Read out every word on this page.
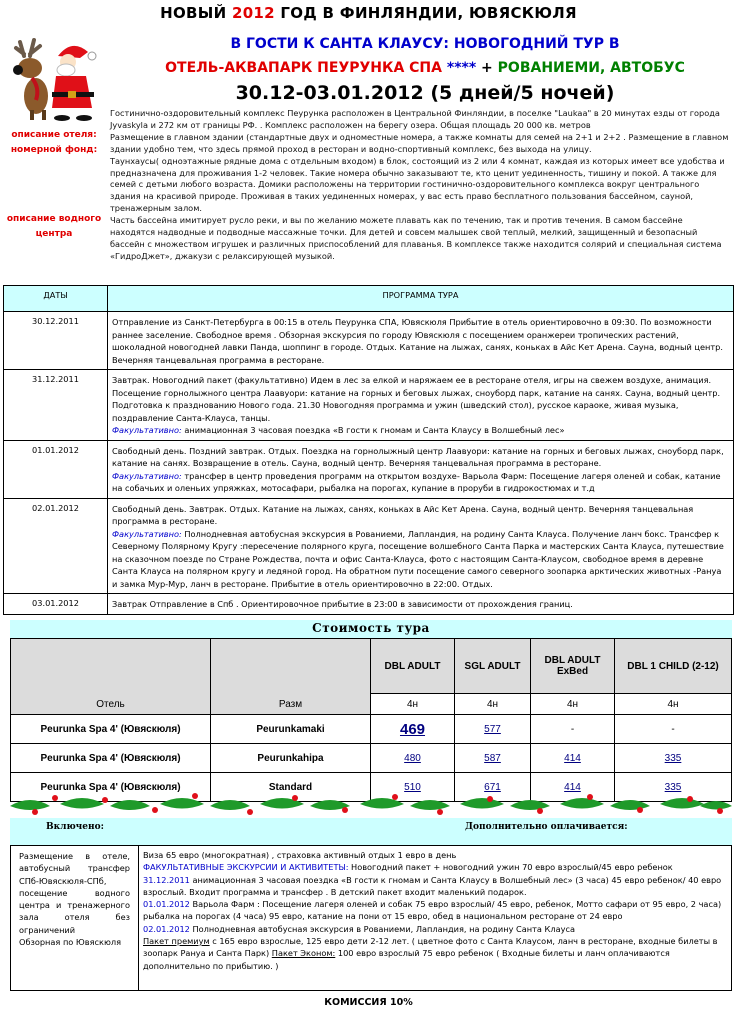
НОВЫЙ 2012 ГОД В ФИНЛЯНДИИ, ЮВЯСКЮЛЯ
В ГОСТИ К САНТА КЛАУСУ: НОВОГОДНИЙ ТУР В
ОТЕЛЬ-АКВАПАРК ПЕУРУНКА СПА **** + РОВАНИЕМИ, АВТОБУС
30.12-03.01.2012 (5 дней/5 ночей)
описание отеля:
номерной фонд:
описание водного центра
Гостинично-оздоровительный комплекс Пеурунка расположен в Центральной Финляндии, в поселке "Laukaa" в 20 минутах езды от города Jyvaskyla и 272 км от границы РФ. . Комплекс расположен на берегу озера. Общая площадь 20 000 кв. метров
Размещение в главном здании (стандартные двух и одноместные номера, а также комнаты для семей на 2+1 и 2+2 . Размещение в главном здании удобно тем, что здесь прямой проход в ресторан и водно-спортивный комплекс, без выхода на улицу.
Таунхаусы( одноэтажные рядные дома с отдельным входом) в блок, состоящий из 2 или 4 комнат, каждая из которых имеет все удобства и предназначена для проживания 1-2 человек. Такие номера обычно заказывают те, кто ценит уединенность, тишину и покой. А также для семей с детьми любого возраста. Домики расположены на территории гостинично-оздоровительного комплекса вокруг центрального здания на красивой природе. Проживая в таких уединенных номерах, у вас есть право бесплатного пользования бассейном, сауной, тренажерным залом.
Часть бассейна имитирует русло реки, и вы по желанию можете плавать как по течению, так и против течения. В самом бассейне находятся надводные и подводные массажные точки. Для детей и совсем малышек свой теплый, мелкий, защищенный и безопасный бассейн с множеством игрушек и различных приспособлений для плаванья. В комплексе также находится солярий и специальная система «ГидроДжет», джакузи с релаксирующей музыкой.
ДАТЫ	ПРОГРАММА ТУРА
30.12.2011	Отправление из Санкт-Петербурга в 00:15 в отель Пеурунка СПА, Ювяскюля Прибытие в отель ориентировочно в 09:30. По возможности раннее заселение. Свободное время . Обзорная экскурсия по городу Ювяскюля с посещением оранжереи тропических растений, шоколадной новогодней лавки Панда, шоппинг в городе. Отдых. Катание на лыжах, санях, коньках в Айс Кет Арена. Сауна, водный центр. Вечерняя танцевальная программа в ресторане.
31.12.2011	Завтрак. Новогодний пакет (факультативно) Идем в лес за елкой и наряжаем ее в ресторане отеля, игры на свежем воздухе, анимация. Посещение горнолыжного центра Лаавуори: катание на горных и беговых лыжах, сноуборд парк, катание на санях. Сауна, водный центр. Подготовка к празднованию Нового года. 21.30 Новогодняя программа и ужин (шведский стол), русское караоке, живая музыка, поздравление Санта-Клауса, танцы.
Факультативно: анимационная 3 часовая поездка «В гости к гномам и Санта Клаусу в Волшебный лес»
01.01.2012	Свободный день. Поздний завтрак. Отдых. Поездка на горнолыжный центр Лаавуори: катание на горных и беговых лыжах, сноуборд парк, катание на санях. Возвращение в отель. Сауна, водный центр. Вечерняя танцевальная программа в ресторане.
Факультативно: трансфер в центр проведения программ на открытом воздухе- Варьола Фарм: Посещение лагеря оленей и собак, катание на собачьих и оленьих упряжках, мотосафари, рыбалка на порогах, купание в проруби в гидрокостюмах и т.д
02.01.2012	Свободный день. Завтрак. Отдых. Катание на лыжах, санях, коньках в Айс Кет Арена. Сауна, водный центр. Вечерняя танцевальная программа в ресторане.
Факультативно: Полнодневная автобусная экскурсия в Рованиеми, Лапландия, на родину Санта Клауса. Получение ланч бокс. Трансфер к Северному Полярному Кругу :пересечение полярного круга, посещение волшебного Санта Парка и мастерских Санта Клауса, путешествие на сказочном поезде по Стране Рождества, почта и офис Санта-Клауса, фото с настоящим Санта-Клаусом, свободное время в деревне Санта Клауса на полярном кругу и ледяной город. На обратном пути посещение самого северного зоопарка арктических животных -Рануа и замка Мур-Мур, ланч в ресторане. Прибытие в отель ориентировочно в 22:00. Отдых.
03.01.2012	Завтрак Отправление в Спб . Ориентировочное прибытие в 23:00 в зависимости от прохождения границ.
Стоимость тура
Отель	Разм	DBL ADULT	SGL ADULT	DBL ADULT ExBed	DBL 1 CHILD (2-12)
		4н	4н	4н	4н
Peurunka Spa 4' (Ювяскюля)	Peurunkamaki	469	577	-	-
Peurunka Spa 4' (Ювяскюля)	Peurunkahipa	480	587	414	335
Peurunka Spa 4' (Ювяскюля)	Standard	510	671	414	335
Включено:	Дополнительно оплачивается:
Размещение в отеле, автобусный трансфер СПб-Ювяскюля-СПб, посещение водного центра и тренажерного зала отеля без ограничений
Обзорная по Ювяскюля

Виза 65 евро (многократная) , страховка активный отдых 1 евро в день
ФАКУЛЬТАТИВНЫЕ ЭКСКУРСИИ И АКТИВИТЕТЫ: Новогодний пакет + новогодний ужин 70 евро взрослый/45 евро ребенок
31.12.2011 анимационная 3 часовая поездка «В гости к гномам и Санта Клаусу в Волшебный лес» (3 часа) 45 евро ребенок/ 40 евро взрослый. Входит программа и трансфер . В детский пакет входит маленький подарок.
01.01.2012 Варьола Фарм : Посещение лагеря оленей и собак 75 евро взрослый/ 45 евро, ребенок, Мотто сафари от 95 евро, 2 часа) рыбалка на порогах (4 часа) 95 евро, катание на пони от 15 евро, обед в национальном ресторане от 24 евро
02.01.2012 Полнодневная автобусная экскурсия в Рованиеми, Лапландия, на родину Санта Клауса
Пакет премиум с 165 евро взрослые, 125 евро дети 2-12 лет. ( цветное фото с Санта Клаусом, ланч в ресторане, входные билеты в зоопарк Рануа и Санта Парк) Пакет Эконом: 100 евро взрослый 75 евро ребенок ( Входные билеты и ланч оплачиваются дополнительно по прибытию. )
КОМИССИЯ 10%
